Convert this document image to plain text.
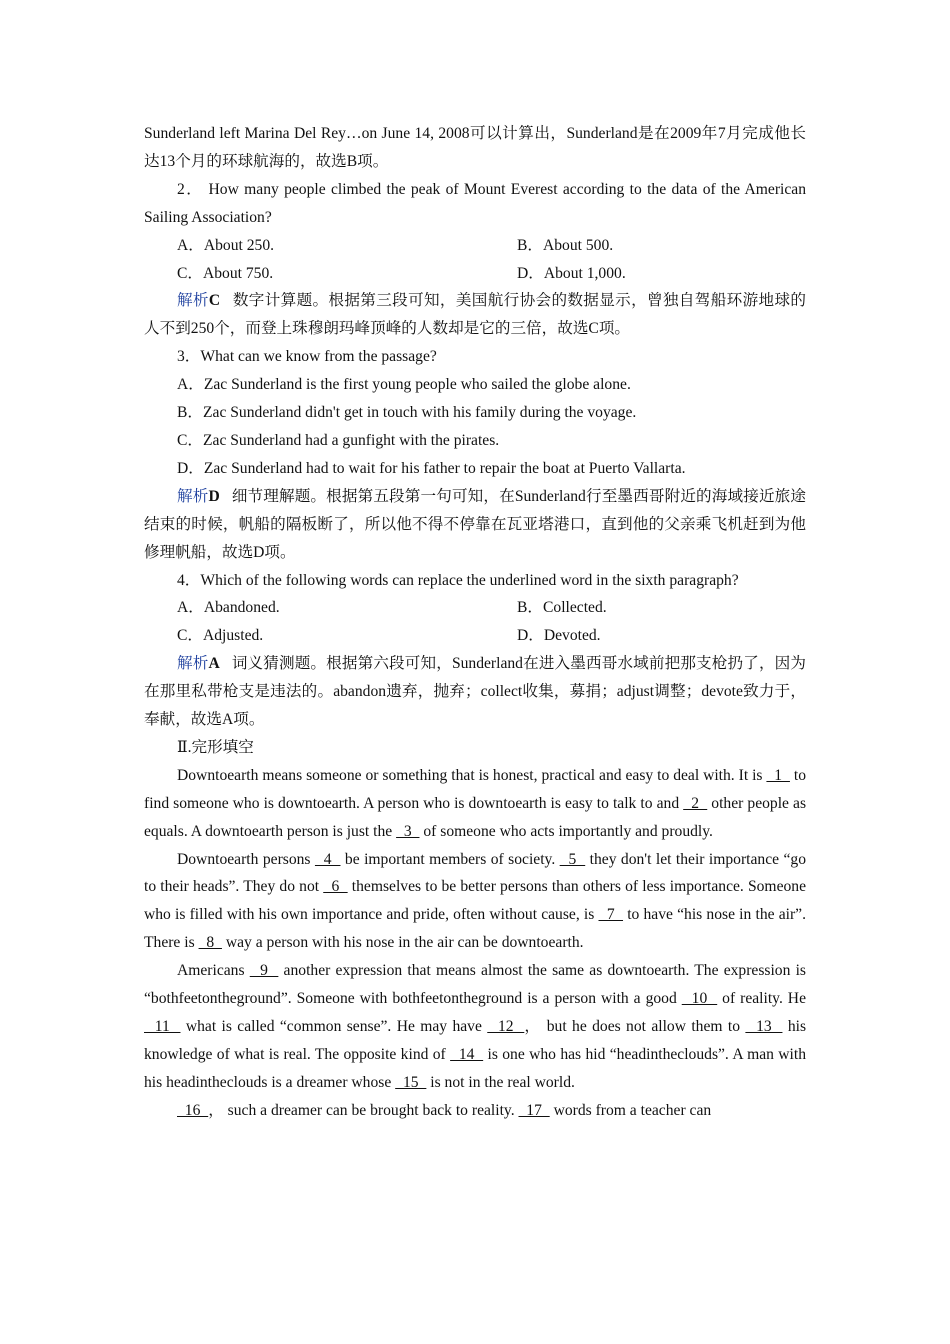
Sunderland left Marina Del Rey…on June 14, 2008可以计算出，Sunderland是在2009年7月完成他长达13个月的环球航海的，故选B项。

2． How many people climbed the peak of Mount Everest according to the data of the American Sailing Association?

A．About 250.	B．About 500.
C．About 750.	D．About 1,000.

解析C 数字计算题。根据第三段可知，美国航行协会的数据显示，曾独自驾船环游地球的人不到250个，而登上珠穆朗玛峰顶峰的人数却是它的三倍，故选C项。

3．What can we know from the passage?

A．Zac Sunderland is the first young people who sailed the globe alone.
B．Zac Sunderland didn't get in touch with his family during the voyage.
C．Zac Sunderland had a gunfight with the pirates.
D．Zac Sunderland had to wait for his father to repair the boat at Puerto Vallarta.

解析D 细节理解题。根据第五段第一句可知，在Sunderland行至墨西哥附近的海域接近旅途结束的时候，帆船的隔板断了，所以他不得不停靠在瓦亚塔港口，直到他的父亲乘飞机赶到为他修理帆船，故选D项。

4．Which of the following words can replace the underlined word in the sixth paragraph?

A．Abandoned.	B．Collected.
C．Adjusted.	D．Devoted.

解析A 词义猜测题。根据第六段可知，Sunderland在进入墨西哥水域前把那支枪扔了，因为在那里私带枪支是违法的。abandon遗弃，抛弃；collect收集，募捐；adjust调整；devote致力于，奉献，故选A项。

Ⅱ.完形填空

Downtoearth means someone or something that is honest, practical and easy to deal with. It is   1   to find someone who is downtoearth. A person who is downtoearth is easy to talk to and   2   other people as equals. A downtoearth person is just the   3   of someone who acts importantly and proudly.

Downtoearth persons   4   be important members of society.   5   they don't let their importance “go to their heads”. They do not   6   themselves to be better persons than others of less importance. Someone who is filled with his own importance and pride, often without cause, is   7   to have “his nose in the air”. There is   8   way a person with his nose in the air can be downtoearth.

Americans   9   another expression that means almost the same as downtoearth. The expression is “bothfeetontheground”. Someone with bothfeetontheground is a person with a good   10   of reality. He   11   what is called “common sense”. He may have   12  ， but he does not allow them to   13   his knowledge of what is real. The opposite kind of   14   is one who has hid “headintheclouds”. A man with his headintheclouds is a dreamer whose   15   is not in the real world.

16  ， such a dreamer can be brought back to reality.   17   words from a teacher can
